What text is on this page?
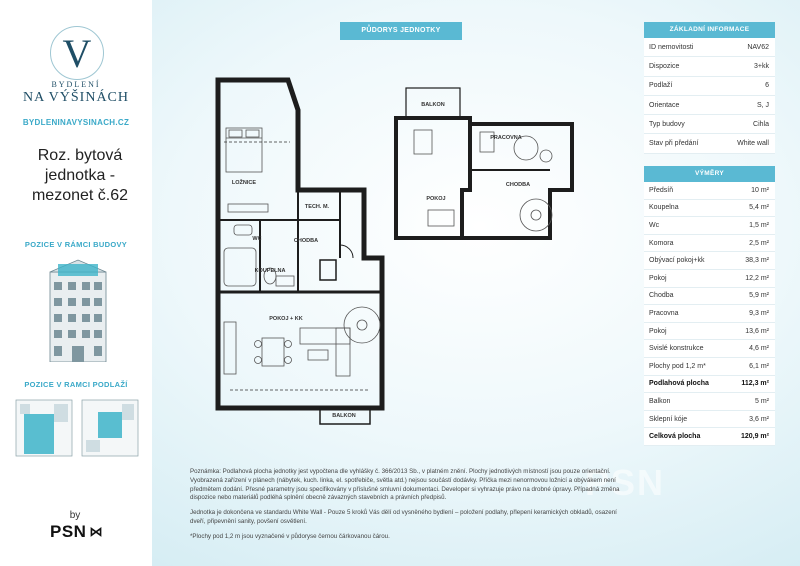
V
BYDLENÍ
NA VÝŠINÁCH
BYDLENINAVYSINACH.CZ
Roz. bytová jednotka - mezonet č.62
POZICE V RÁMCI BUDOVY
POZICE V RAMCI PODLAŽÍ
by
PSN ⋈
PŮDORYS JEDNOTKY
BALKON
LOŽNICE
TECH. M.
WC	CHODBA
KOUPELNA
POKOJ + KK
BALKON
PRACOVNA
POKOJ
CHODBA
PSN

Poznámka: Podlahová plocha jednotky jest vypočtena dle vyhlášky č. 366/2013 Sb., v platném znění. Plochy jednotlivých místností jsou pouze orientační. Vyobrazená zařízení v plánech (nábytek, kuch. linka, el. spotřebiče, světla atd.) nejsou součástí dodávky. Příčka mezi nenormovou ložnicí a obývákem není předmětem dodání. Přesné parametry jsou specifikovány v příslušné smluvní dokumentaci. Developer si vyhrazuje právo na drobné úpravy. Případná změna dispozice nebo materiálů podléhá splnění obecně závazných stavebních a právních předpisů.

Jednotka je dokončena ve standardu White Wall - Pouze 5 kroků Vás dělí od vysněného bydlení – položení podlahy, přlepení keramických obkladů, osazení dveří, připevnění sanity, povšení osvětlení.

*Plochy pod 1,2 m jsou vyznačené v půdoryse černou čárkovanou čárou.

ZÁKLADNÍ INFORMACE
ID nemovitosti	NAV62
Dispozice	3+kk
Podlaží	6
Orientace	S, J
Typ budovy	Cihla
Stav při předání	White wall
VÝMĚRY
Předsíň	10 m²
Koupelna	5,4 m²
Wc	1,5 m²
Komora	2,5 m²
Obývací pokoj+kk	38,3 m²
Pokoj	12,2 m²
Chodba	5,9 m²
Pracovna	9,3 m²
Pokoj	13,6 m²
Svislé konstrukce	4,6 m²
Plochy pod 1,2 m*	6,1 m²
Podlahová plocha	112,3 m²
Balkon	5 m²
Sklepní kóje	3,6 m²
Celková plocha	120,9 m²
